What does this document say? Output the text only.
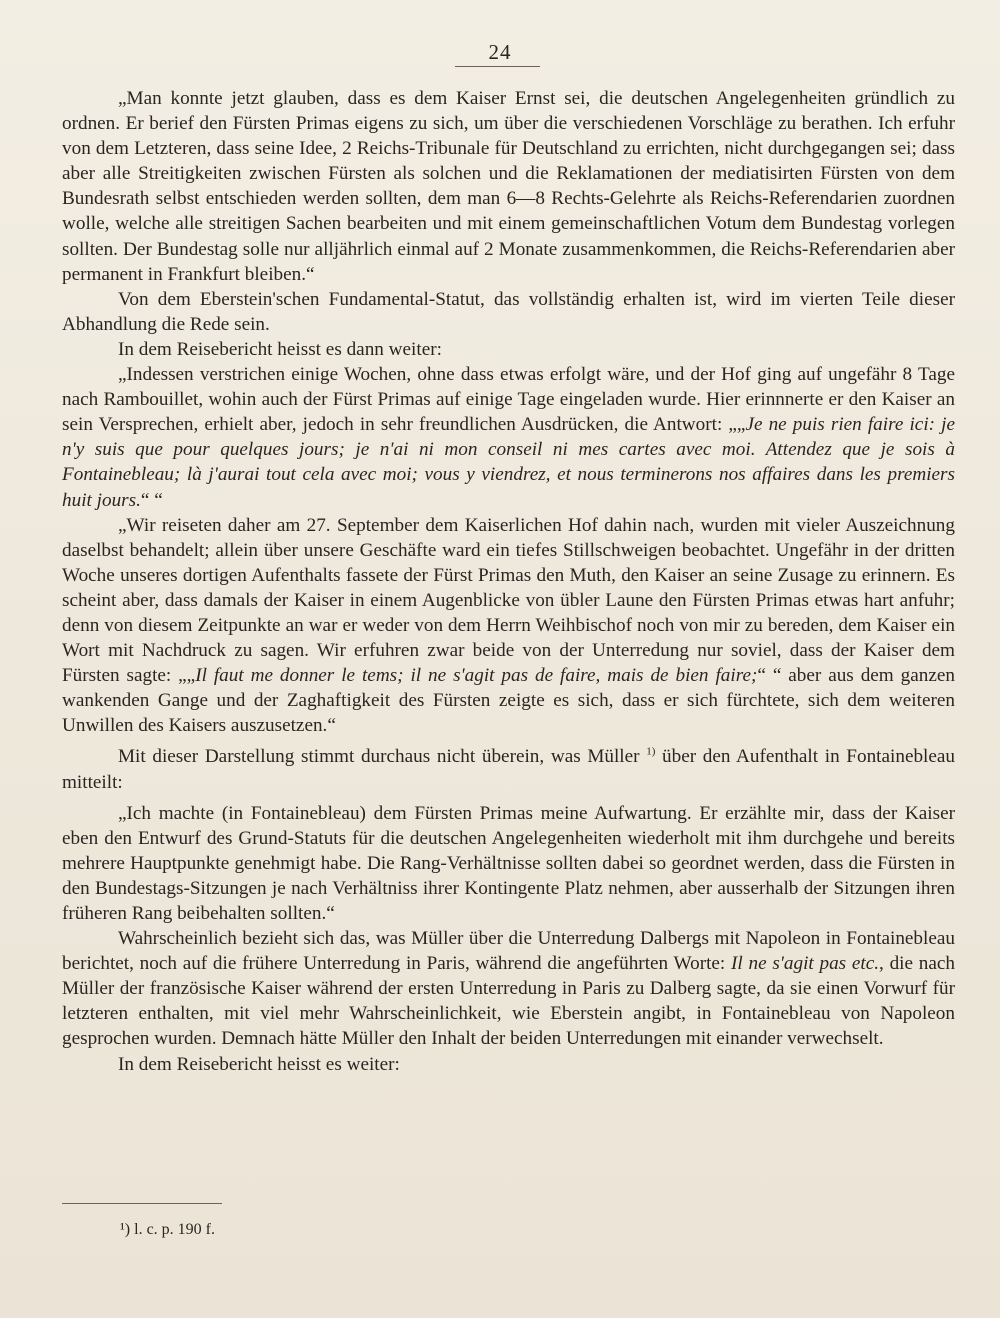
24

„Man konnte jetzt glauben, dass es dem Kaiser Ernst sei, die deutschen Angelegenheiten gründlich zu ordnen. Er berief den Fürsten Primas eigens zu sich, um über die verschiedenen Vorschläge zu berathen. Ich erfuhr von dem Letzteren, dass seine Idee, 2 Reichs-Tribunale für Deutschland zu errichten, nicht durchgegangen sei; dass aber alle Streitigkeiten zwischen Fürsten als solchen und die Reklamationen der mediatisirten Fürsten von dem Bundesrath selbst entschieden werden sollten, dem man 6—8 Rechts-Gelehrte als Reichs-Referendarien zuordnen wolle, welche alle streitigen Sachen bearbeiten und mit einem gemeinschaftlichen Votum dem Bundestag vorlegen sollten. Der Bundestag solle nur alljährlich einmal auf 2 Monate zusammenkommen, die Reichs-Referendarien aber permanent in Frankfurt bleiben.“

Von dem Eberstein'schen Fundamental-Statut, das vollständig erhalten ist, wird im vierten Teile dieser Abhandlung die Rede sein.

In dem Reisebericht heisst es dann weiter:

„Indessen verstrichen einige Wochen, ohne dass etwas erfolgt wäre, und der Hof ging auf ungefähr 8 Tage nach Rambouillet, wohin auch der Fürst Primas auf einige Tage eingeladen wurde. Hier erinnnerte er den Kaiser an sein Versprechen, erhielt aber, jedoch in sehr freundlichen Ausdrücken, die Antwort: „„Je ne puis rien faire ici: je n'y suis que pour quelques jours; je n'ai ni mon conseil ni mes cartes avec moi. Attendez que je sois à Fontainebleau; là j'aurai tout cela avec moi; vous y viendrez, et nous terminerons nos affaires dans les premiers huit jours.“ “

„Wir reiseten daher am 27. September dem Kaiserlichen Hof dahin nach, wurden mit vieler Auszeichnung daselbst behandelt; allein über unsere Geschäfte ward ein tiefes Stillschweigen beobachtet. Ungefähr in der dritten Woche unseres dortigen Aufenthalts fassete der Fürst Primas den Muth, den Kaiser an seine Zusage zu erinnern. Es scheint aber, dass damals der Kaiser in einem Augenblicke von übler Laune den Fürsten Primas etwas hart anfuhr; denn von diesem Zeitpunkte an war er weder von dem Herrn Weihbischof noch von mir zu bereden, dem Kaiser ein Wort mit Nachdruck zu sagen. Wir erfuhren zwar beide von der Unterredung nur soviel, dass der Kaiser dem Fürsten sagte: „„Il faut me donner le tems; il ne s'agit pas de faire, mais de bien faire;“ “ aber aus dem ganzen wankenden Gange und der Zaghaftigkeit des Fürsten zeigte es sich, dass er sich fürchtete, sich dem weiteren Unwillen des Kaisers auszusetzen.“

Mit dieser Darstellung stimmt durchaus nicht überein, was Müller $^{1)}$ über den Aufenthalt in Fontainebleau mitteilt:

„Ich machte (in Fontainebleau) dem Fürsten Primas meine Aufwartung. Er erzählte mir, dass der Kaiser eben den Entwurf des Grund-Statuts für die deutschen Angelegenheiten wiederholt mit ihm durchgehe und bereits mehrere Hauptpunkte genehmigt habe. Die Rang-Verhältnisse sollten dabei so geordnet werden, dass die Fürsten in den Bundestags-Sitzungen je nach Verhältniss ihrer Kontingente Platz nehmen, aber ausserhalb der Sitzungen ihren früheren Rang beibehalten sollten.“

Wahrscheinlich bezieht sich das, was Müller über die Unterredung Dalbergs mit Napoleon in Fontainebleau berichtet, noch auf die frühere Unterredung in Paris, während die angeführten Worte: Il ne s'agit pas etc., die nach Müller der französische Kaiser während der ersten Unterredung in Paris zu Dalberg sagte, da sie einen Vorwurf für letzteren enthalten, mit viel mehr Wahrscheinlichkeit, wie Eberstein angibt, in Fontainebleau von Napoleon gesprochen wurden. Demnach hätte Müller den Inhalt der beiden Unterredungen mit einander verwechselt.

In dem Reisebericht heisst es weiter:

¹) l. c. p. 190 f.
